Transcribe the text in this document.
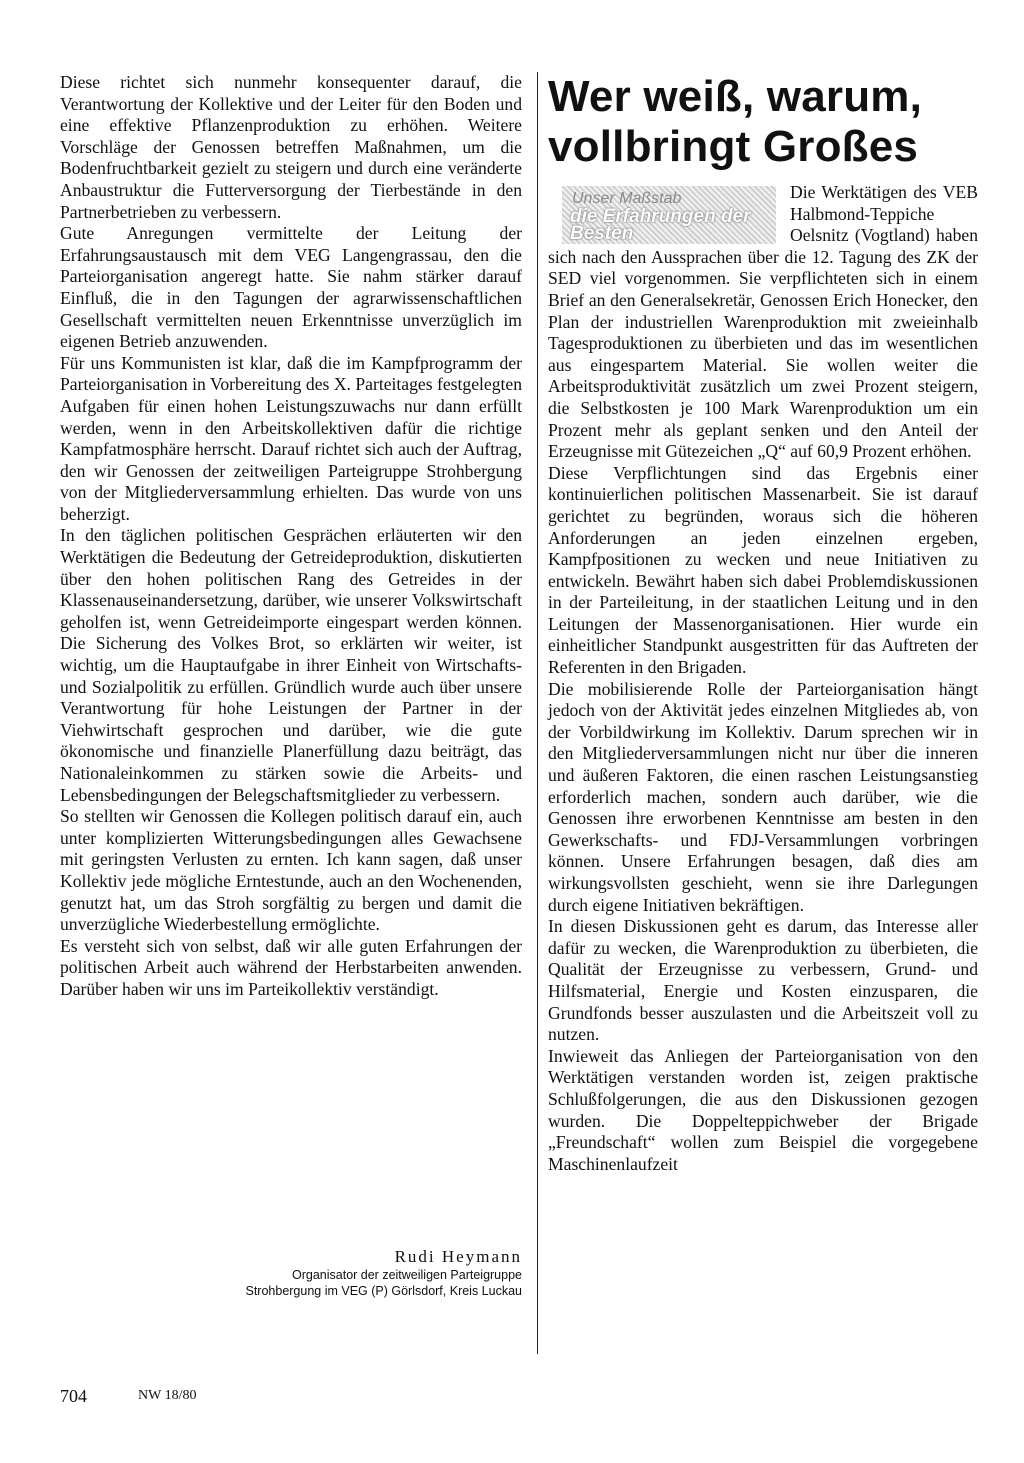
Diese richtet sich nunmehr konsequenter darauf, die Verantwortung der Kollektive und der Leiter für den Boden und eine effektive Pflanzenproduktion zu erhöhen. Weitere Vorschläge der Genossen betreffen Maßnahmen, um die Bodenfruchtbarkeit gezielt zu steigern und durch eine veränderte Anbaustruktur die Futterversorgung der Tierbestände in den Partnerbetrieben zu verbessern.

Gute Anregungen vermittelte der Leitung der Erfahrungsaustausch mit dem VEG Langengrassau, den die Parteiorganisation angeregt hatte. Sie nahm stärker darauf Einfluß, die in den Tagungen der agrarwissenschaftlichen Gesellschaft vermittelten neuen Erkenntnisse unverzüglich im eigenen Betrieb anzuwenden.

Für uns Kommunisten ist klar, daß die im Kampfprogramm der Parteiorganisation in Vorbereitung des X. Parteitages festgelegten Aufgaben für einen hohen Leistungszuwachs nur dann erfüllt werden, wenn in den Arbeitskollektiven dafür die richtige Kampfatmosphäre herrscht. Darauf richtet sich auch der Auftrag, den wir Genossen der zeitweiligen Parteigruppe Strohbergung von der Mitgliederversammlung erhielten. Das wurde von uns beherzigt.

In den täglichen politischen Gesprächen erläuterten wir den Werktätigen die Bedeutung der Getreideproduktion, diskutierten über den hohen politischen Rang des Getreides in der Klassenauseinandersetzung, darüber, wie unserer Volkswirtschaft geholfen ist, wenn Getreideimporte eingespart werden können. Die Sicherung des Volkes Brot, so erklärten wir weiter, ist wichtig, um die Hauptaufgabe in ihrer Einheit von Wirtschafts- und Sozialpolitik zu erfüllen. Gründlich wurde auch über unsere Verantwortung für hohe Leistungen der Partner in der Viehwirtschaft gesprochen und darüber, wie die gute ökonomische und finanzielle Planerfüllung dazu beiträgt, das Nationaleinkommen zu stärken sowie die Arbeits- und Lebensbedingungen der Belegschaftsmitglieder zu verbessern.

So stellten wir Genossen die Kollegen politisch darauf ein, auch unter komplizierten Witterungsbedingungen alles Gewachsene mit geringsten Verlusten zu ernten. Ich kann sagen, daß unser Kollektiv jede mögliche Erntestunde, auch an den Wochenenden, genutzt hat, um das Stroh sorgfältig zu bergen und damit die unverzügliche Wiederbestellung ermöglichte.

Es versteht sich von selbst, daß wir alle guten Erfahrungen der politischen Arbeit auch während der Herbstarbeiten anwenden. Darüber haben wir uns im Parteikollektiv verständigt.

Rudi Heymann
Organisator der zeitweiligen Parteigruppe
Strohbergung im VEG (P) Görlsdorf, Kreis Luckau
Wer weiß, warum,
vollbringt Großes
Unser Maßstab
die Erfahrungen der Besten

Die Werktätigen des VEB Halbmond-Teppiche Oelsnitz (Vogtland) haben sich nach den Aussprachen über die 12. Tagung des ZK der SED viel vorgenommen. Sie verpflichteten sich in einem Brief an den Generalsekretär, Genossen Erich Honecker, den Plan der industriellen Warenproduktion mit zweieinhalb Tagesproduktionen zu überbieten und das im wesentlichen aus eingespartem Material. Sie wollen weiter die Arbeitsproduktivität zusätzlich um zwei Prozent steigern, die Selbstkosten je 100 Mark Warenproduktion um ein Prozent mehr als geplant senken und den Anteil der Erzeugnisse mit Gütezeichen „Q“ auf 60,9 Prozent erhöhen.

Diese Verpflichtungen sind das Ergebnis einer kontinuierlichen politischen Massenarbeit. Sie ist darauf gerichtet zu begründen, woraus sich die höheren Anforderungen an jeden einzelnen ergeben, Kampfpositionen zu wecken und neue Initiativen zu entwickeln. Bewährt haben sich dabei Problemdiskussionen in der Parteileitung, in der staatlichen Leitung und in den Leitungen der Massenorganisationen. Hier wurde ein einheitlicher Standpunkt ausgestritten für das Auftreten der Referenten in den Brigaden.

Die mobilisierende Rolle der Parteiorganisation hängt jedoch von der Aktivität jedes einzelnen Mitgliedes ab, von der Vorbildwirkung im Kollektiv. Darum sprechen wir in den Mitgliederversammlungen nicht nur über die inneren und äußeren Faktoren, die einen raschen Leistungsanstieg erforderlich machen, sondern auch darüber, wie die Genossen ihre erworbenen Kenntnisse am besten in den Gewerkschafts- und FDJ-Versammlungen vorbringen können. Unsere Erfahrungen besagen, daß dies am wirkungsvollsten geschieht, wenn sie ihre Darlegungen durch eigene Initiativen bekräftigen.

In diesen Diskussionen geht es darum, das Interesse aller dafür zu wecken, die Warenproduktion zu überbieten, die Qualität der Erzeugnisse zu verbessern, Grund- und Hilfsmaterial, Energie und Kosten einzusparen, die Grundfonds besser auszulasten und die Arbeitszeit voll zu nutzen.

Inwieweit das Anliegen der Parteiorganisation von den Werktätigen verstanden worden ist, zeigen praktische Schlußfolgerungen, die aus den Diskussionen gezogen wurden. Die Doppelteppichweber der Brigade „Freundschaft“ wollen zum Beispiel die vorgegebene Maschinenlaufzeit

704	NW 18/80
